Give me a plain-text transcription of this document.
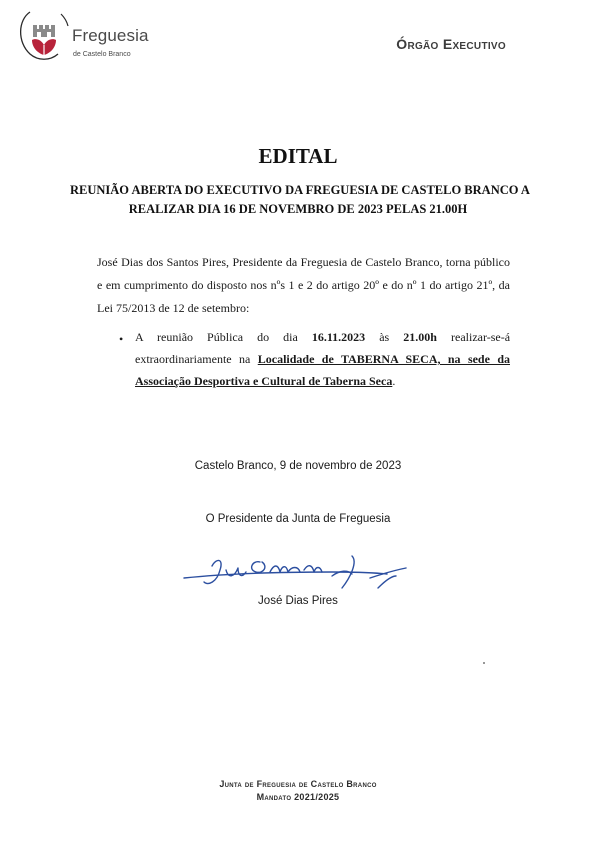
Freguesia
de Castelo Branco
Órgão Executivo
EDITAL
REUNIÃO ABERTA DO EXECUTIVO DA FREGUESIA DE CASTELO BRANCO A
REALIZAR DIA 16 DE NOVEMBRO DE 2023 PELAS 21.00H
José Dias dos Santos Pires, Presidente da Freguesia de Castelo Branco, torna público
e em cumprimento do disposto nos nºs 1 e 2 do artigo 20º e do nº 1 do artigo 21º, da
Lei 75/2013 de 12 de setembro:
• A reunião Pública do dia 16.11.2023 às 21.00h realizar-se-á
extraordinariamente na Localidade de TABERNA SECA, na sede da
Associação Desportiva e Cultural de Taberna Seca.
Castelo Branco, 9 de novembro de 2023
O Presidente da Junta de Freguesia
José Dias Pires
Junta de Freguesia de Castelo Branco
Mandato 2021/2025
